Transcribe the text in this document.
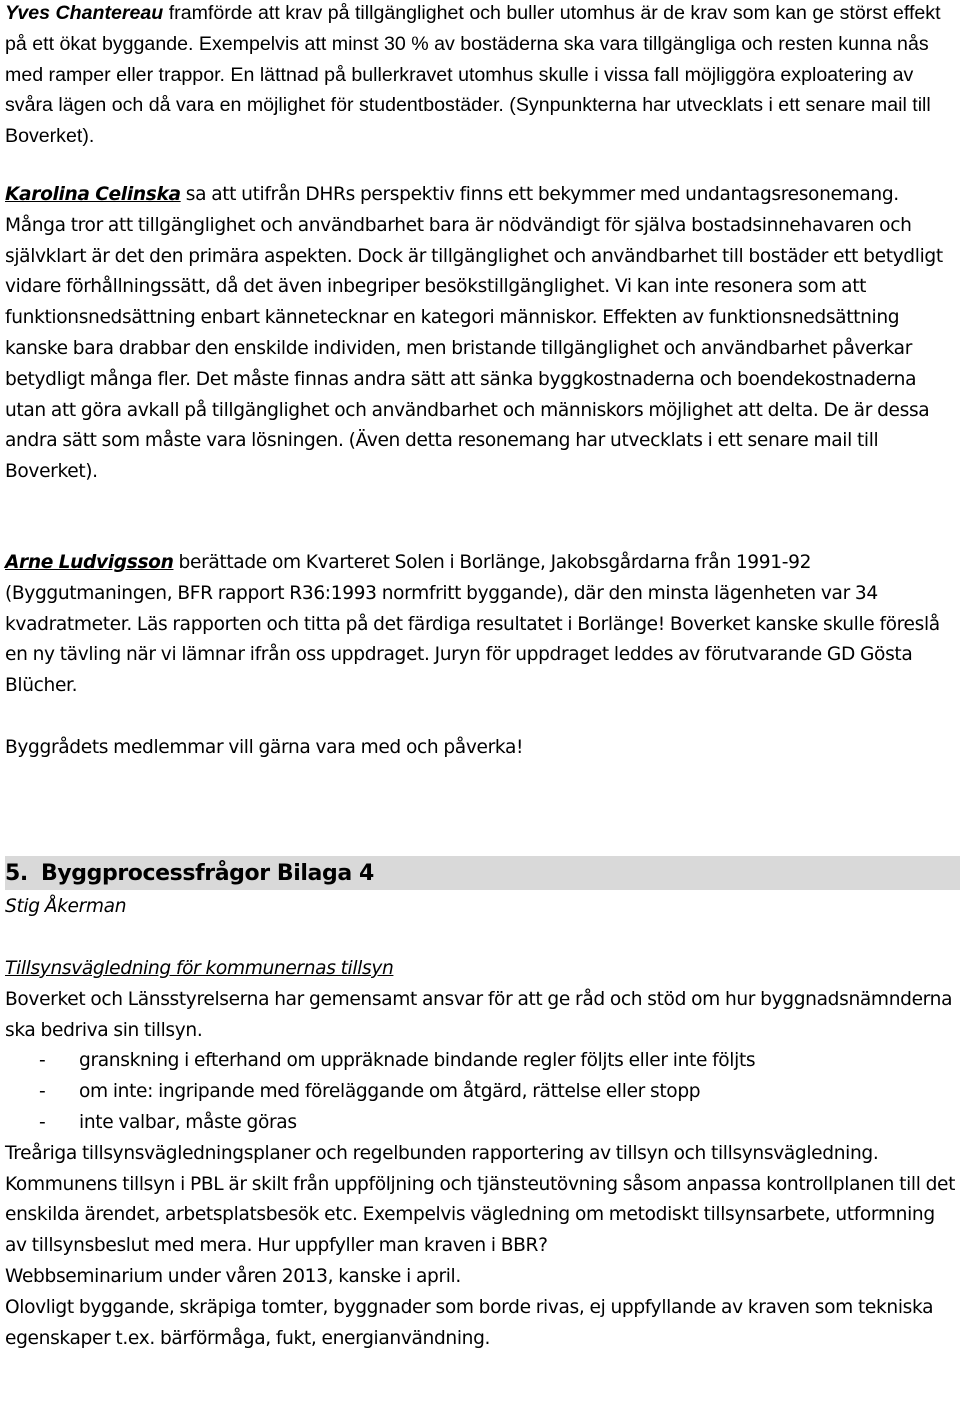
Yves Chantereau framförde att krav på tillgänglighet och buller utomhus är de krav som kan ge störst effekt på ett ökat byggande. Exempelvis att minst 30 % av bostäderna ska vara tillgängliga och resten kunna nås med ramper eller trappor. En lättnad på bullerkravet utomhus skulle i vissa fall möjliggöra exploatering av svåra lägen och då vara en möjlighet för studentbostäder. (Synpunkterna har utvecklats i ett senare mail till Boverket).

Karolina Celinska sa att utifrån DHRs perspektiv finns ett bekymmer med undantagsresonemang. Många tror att tillgänglighet och användbarhet bara är nödvändigt för själva bostadsinnehavaren och självklart är det den primära aspekten. Dock är tillgänglighet och användbarhet till bostäder ett betydligt vidare förhållningssätt, då det även inbegriper besökstillgänglighet. Vi kan inte resonera som att funktionsnedsättning enbart kännetecknar en kategori människor. Effekten av funktionsnedsättning kanske bara drabbar den enskilde individen, men bristande tillgänglighet och användbarhet påverkar betydligt många fler. Det måste finnas andra sätt att sänka byggkostnaderna och boendekostnaderna utan att göra avkall på tillgänglighet och användbarhet och människors möjlighet att delta. De är dessa andra sätt som måste vara lösningen. (Även detta resonemang har utvecklats i ett senare mail till Boverket).

Arne Ludvigsson berättade om Kvarteret Solen i Borlänge, Jakobsgårdarna från 1991-92 (Byggutmaningen, BFR rapport R36:1993 normfritt byggande), där den minsta lägenheten var 34 kvadratmeter. Läs rapporten och titta på det färdiga resultatet i Borlänge! Boverket kanske skulle föreslå en ny tävling när vi lämnar ifrån oss uppdraget. Juryn för uppdraget leddes av förutvarande GD Gösta Blücher.

Byggrådets medlemmar vill gärna vara med och påverka!

5. Byggprocessfrågor Bilaga 4

Stig Åkerman

Tillsynsvägledning för kommunernas tillsyn

Boverket och Länsstyrelserna har gemensamt ansvar för att ge råd och stöd om hur byggnadsnämnderna ska bedriva sin tillsyn.

- granskning i efterhand om uppräknade bindande regler följts eller inte följts
- om inte: ingripande med föreläggande om åtgärd, rättelse eller stopp
- inte valbar, måste göras

Treåriga tillsynsvägledningsplaner och regelbunden rapportering av tillsyn och tillsynsvägledning.

Kommunens tillsyn i PBL är skilt från uppföljning och tjänsteutövning såsom anpassa kontrollplanen till det enskilda ärendet, arbetsplatsbesök etc. Exempelvis vägledning om metodiskt tillsynsarbete, utformning av tillsynsbeslut med mera. Hur uppfyller man kraven i BBR?

Webbseminarium under våren 2013, kanske i april.

Olovligt byggande, skräpiga tomter, byggnader som borde rivas, ej uppfyllande av kraven som tekniska egenskaper t.ex. bärförmåga, fukt, energianvändning.
